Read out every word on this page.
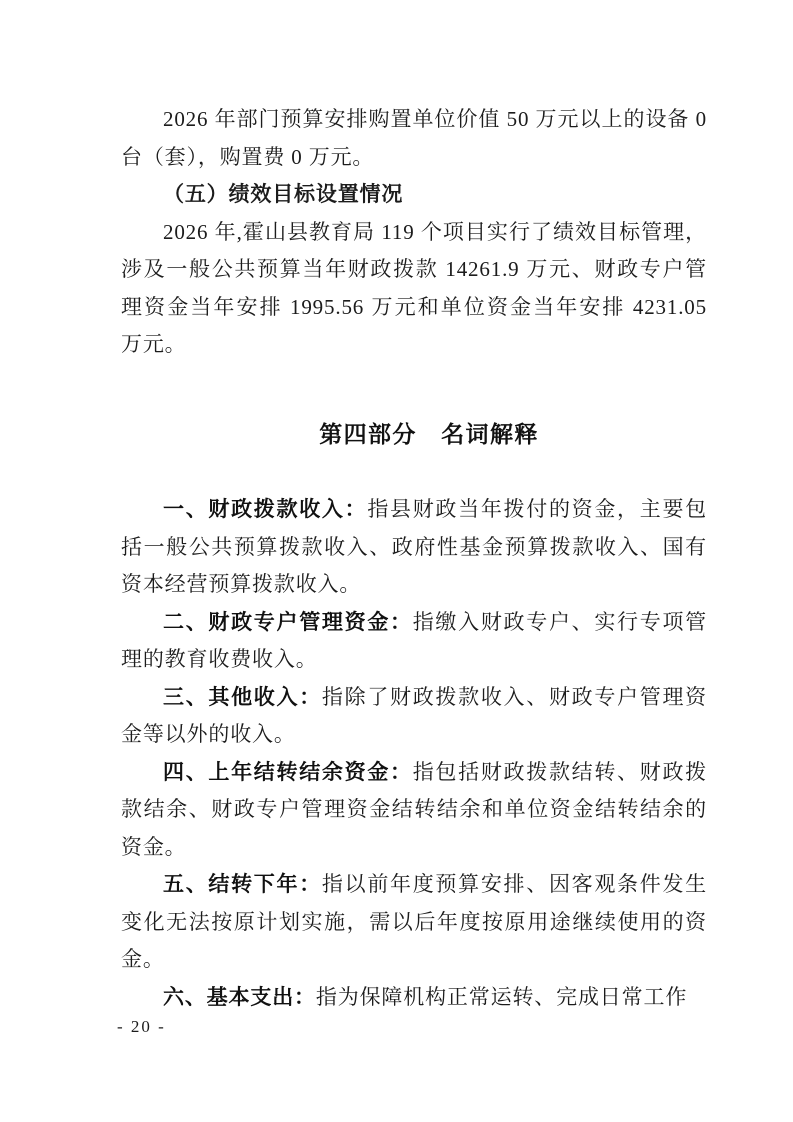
2026 年部门预算安排购置单位价值 50 万元以上的设备 0 台（套），购置费 0 万元。

（五）绩效目标设置情况

2026 年,霍山县教育局 119 个项目实行了绩效目标管理，涉及一般公共预算当年财政拨款 14261.9 万元、财政专户管理资金当年安排 1995.56 万元和单位资金当年安排 4231.05 万元。

第四部分　名词解释

一、财政拨款收入：指县财政当年拨付的资金，主要包括一般公共预算拨款收入、政府性基金预算拨款收入、国有资本经营预算拨款收入。

二、财政专户管理资金：指缴入财政专户、实行专项管理的教育收费收入。

三、其他收入：指除了财政拨款收入、财政专户管理资金等以外的收入。

四、上年结转结余资金：指包括财政拨款结转、财政拨款结余、财政专户管理资金结转结余和单位资金结转结余的资金。

五、结转下年：指以前年度预算安排、因客观条件发生变化无法按原计划实施，需以后年度按原用途继续使用的资金。

六、基本支出：指为保障机构正常运转、完成日常工作

- 20 -
